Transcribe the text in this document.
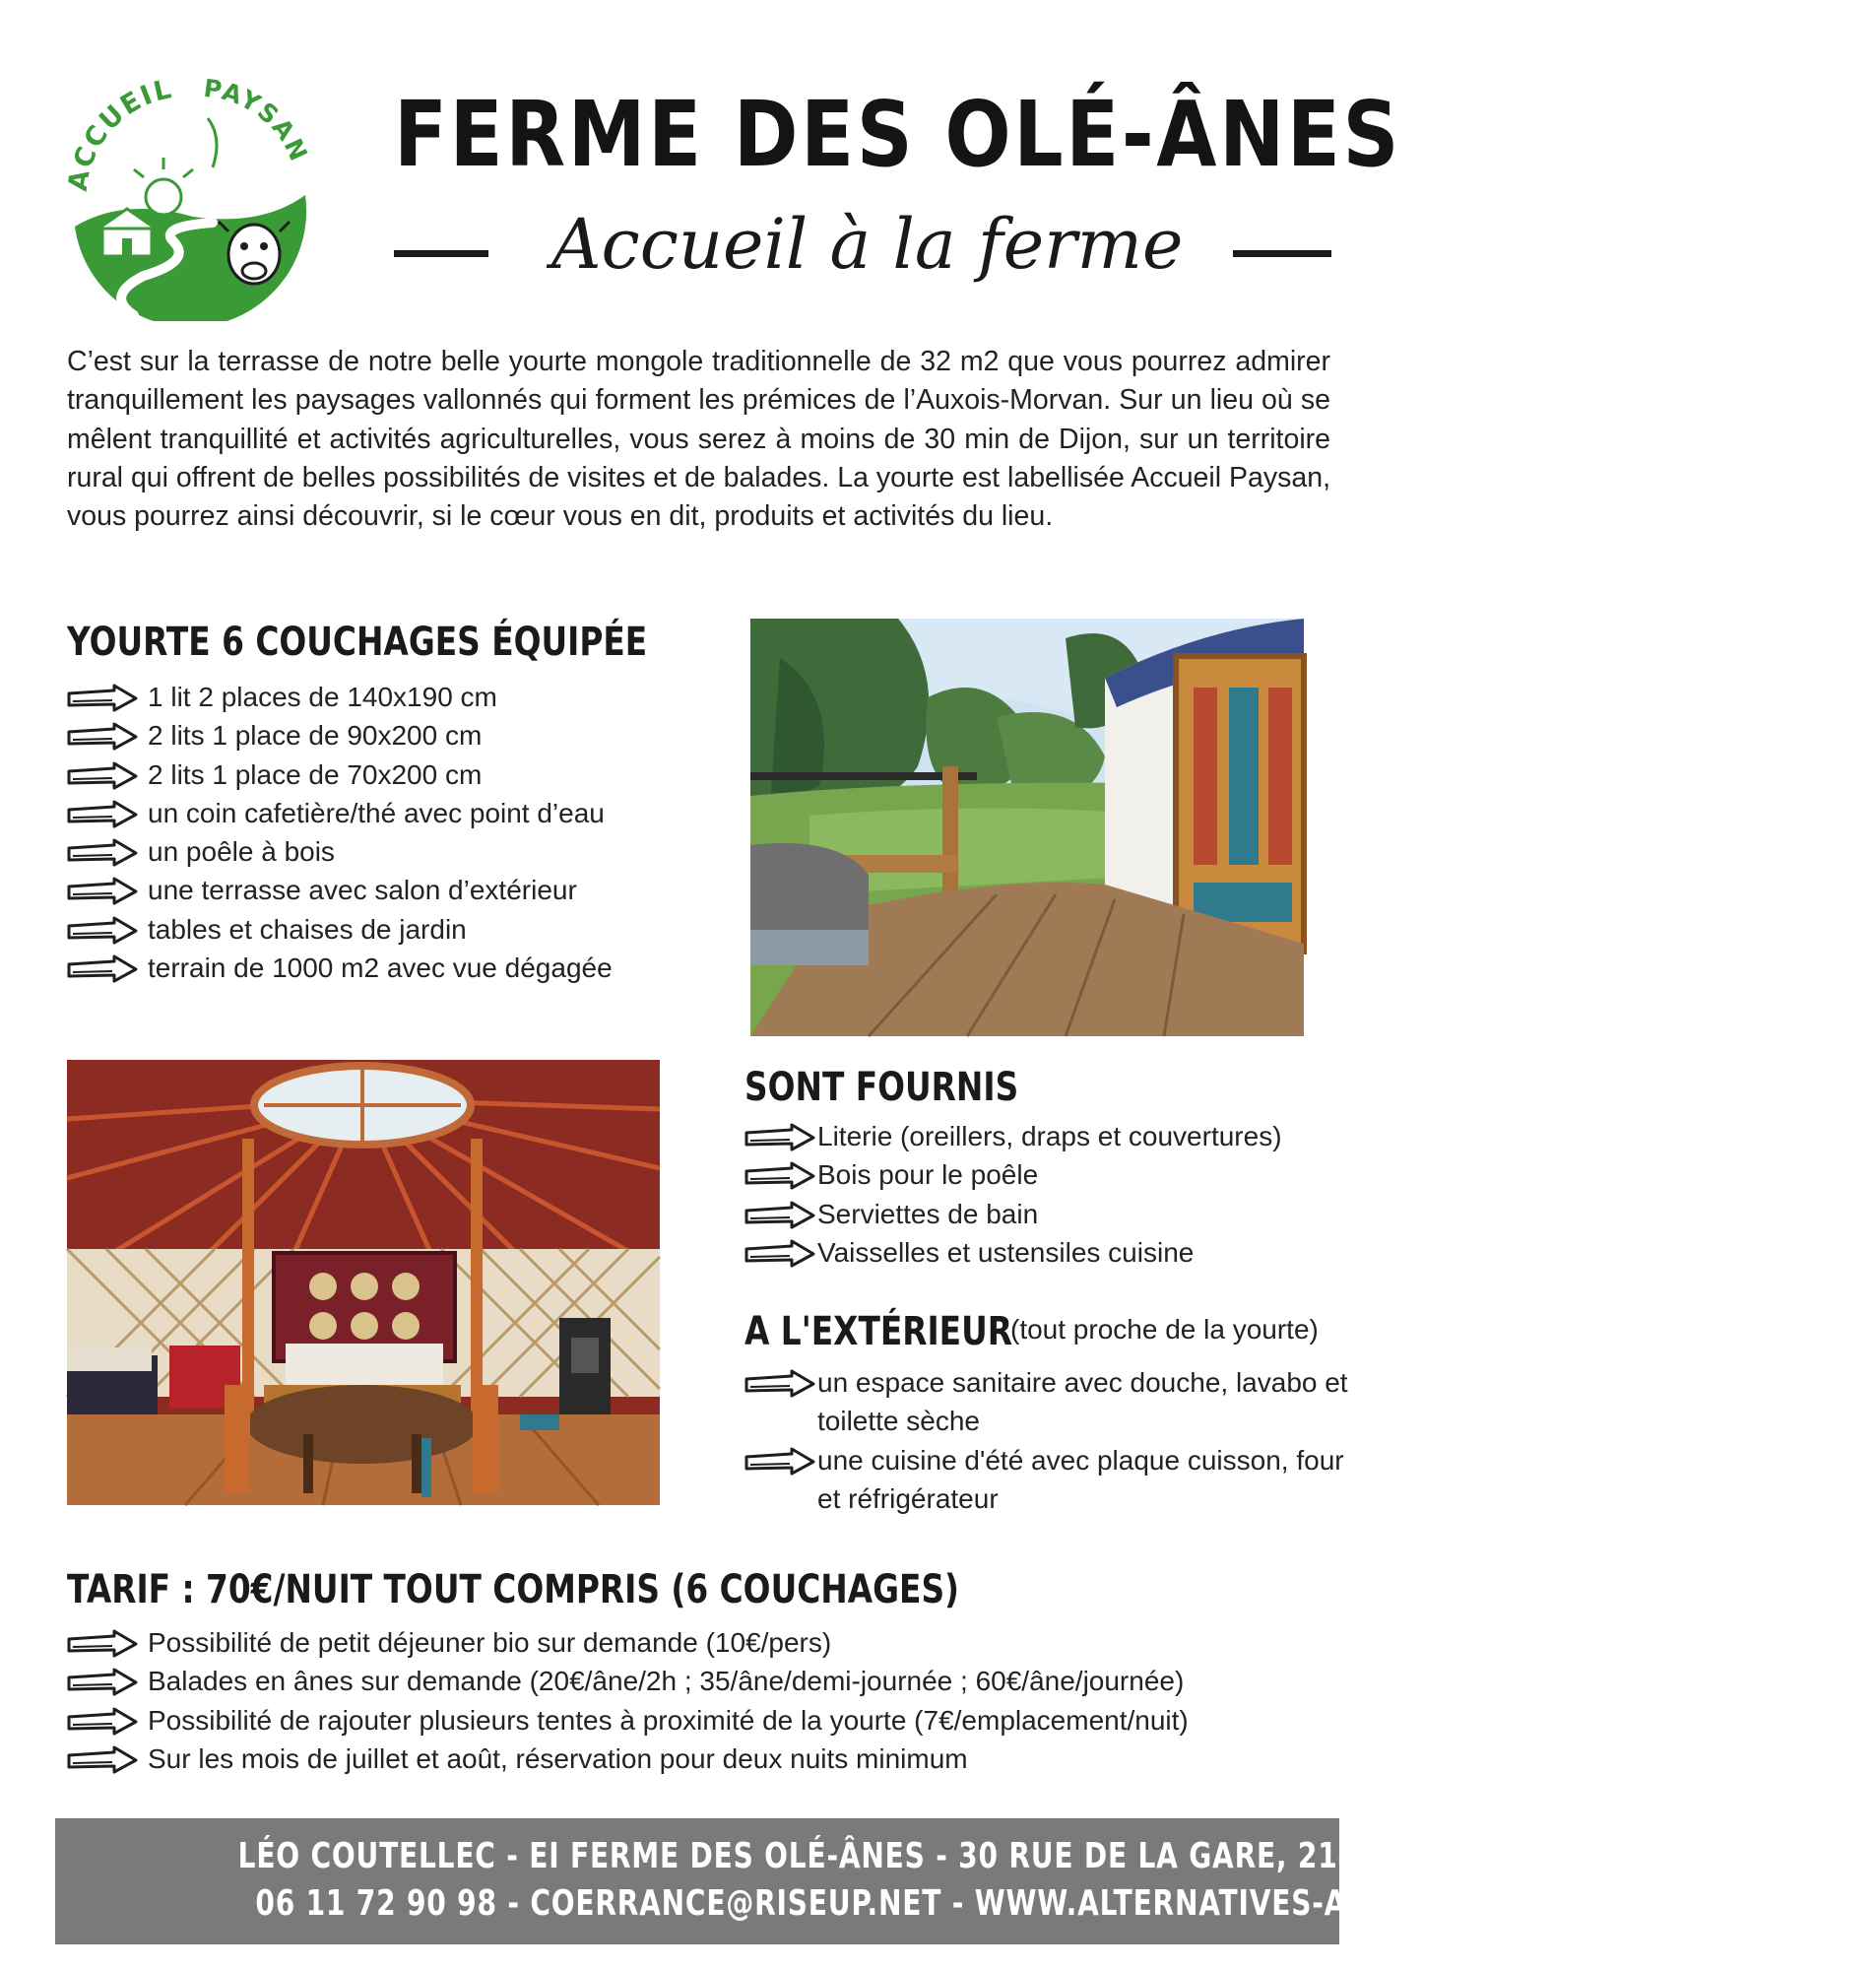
ACCUEIL PAYSAN FERME DES OLÉ-ÂNES
Accueil à la ferme

C’est sur la terrasse de notre belle yourte mongole traditionnelle de 32 m2 que vous pourrez admirer tranquillement les paysages vallonnés qui forment les prémices de l’Auxois-Morvan. Sur un lieu où se mêlent tranquillité et activités agriculturelles, vous serez à moins de 30 min de Dijon, sur un territoire rural qui offrent de belles possibilités de visites et de balades. La yourte est labellisée Accueil Paysan, vous pourrez ainsi découvrir, si le cœur vous en dit, produits et activités du lieu.

YOURTE 6 COUCHAGES ÉQUIPÉE
1 lit 2 places de 140x190 cm
2 lits 1 place de 90x200 cm
2 lits 1 place de 70x200 cm
un coin cafetière/thé avec point d’eau
un poêle à bois
une terrasse avec salon d’extérieur
tables et chaises de jardin
terrain de 1000 m2 avec vue dégagée
SONT FOURNIS
Literie (oreillers, draps et couvertures)
Bois pour le poêle
Serviettes de bain
Vaisselles et ustensiles cuisine
A L'EXTÉRIEUR
(tout proche de la yourte)
un espace sanitaire avec douche, lavabo et toilette sèche
une cuisine d'été avec plaque cuisson, four et réfrigérateur
TARIF : 70€/NUIT TOUT COMPRIS (6 COUCHAGES)
Possibilité de petit déjeuner bio sur demande (10€/pers)
Balades en ânes sur demande (20€/âne/2h ; 35/âne/demi-journée ; 60€/âne/journée)
Possibilité de rajouter plusieurs tentes à proximité de la yourte (7€/emplacement/nuit)
Sur les mois de juillet et août, réservation pour deux nuits minimum
LÉO COUTELLEC - EI FERME DES OLÉ-ÂNES - 30 RUE DE LA GARE, 21410 MÂLAIN
06 11 72 90 98 - COERRANCE@RISEUP.NET - WWW.ALTERNATIVES-AGRICULTURELLES.FR
